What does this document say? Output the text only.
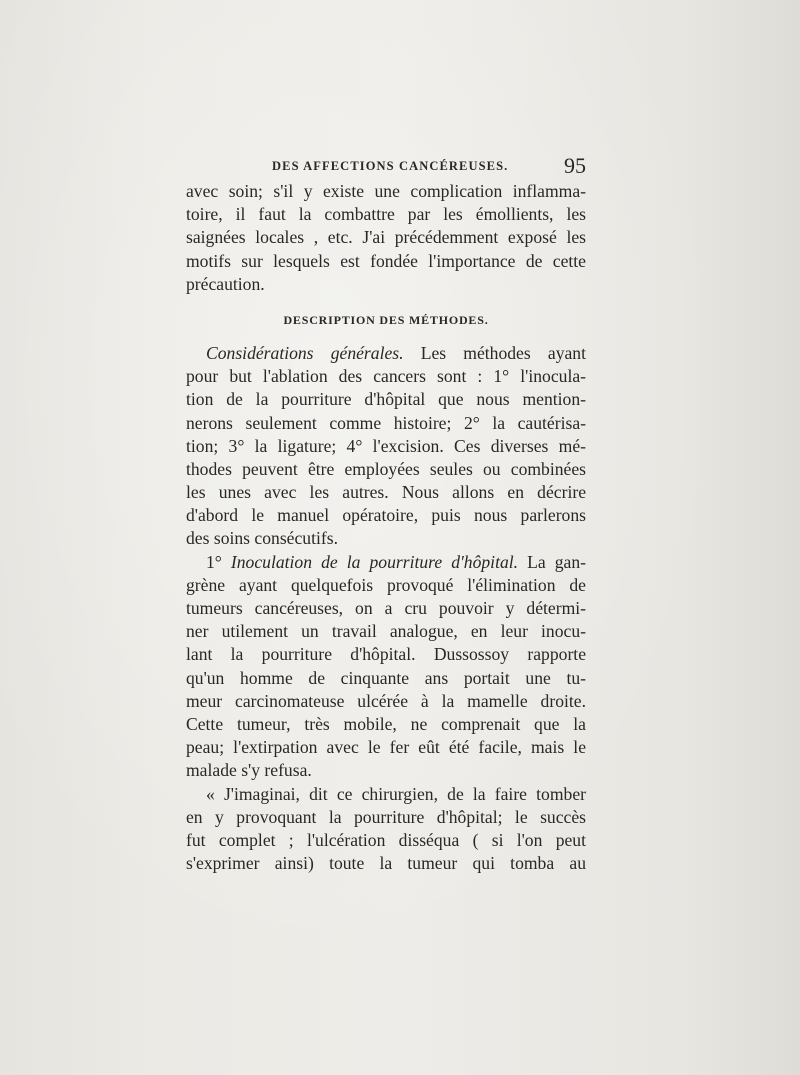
DES AFFECTIONS CANCÉREUSES.	95
avec soin; s'il y existe une complication inflamma-
toire, il faut la combattre par les émollients, les
saignées locales , etc. J'ai précédemment exposé les
motifs sur lesquels est fondée l'importance de cette
précaution.
DESCRIPTION DES MÉTHODES.
Considérations générales. Les méthodes ayant
pour but l'ablation des cancers sont : 1° l'inocula-
tion de la pourriture d'hôpital que nous mention-
nerons seulement comme histoire; 2° la cautérisa-
tion; 3° la ligature; 4° l'excision. Ces diverses mé-
thodes peuvent être employées seules ou combinées
les unes avec les autres. Nous allons en décrire
d'abord le manuel opératoire, puis nous parlerons
des soins consécutifs.
1° Inoculation de la pourriture d'hôpital. La gan-
grène ayant quelquefois provoqué l'élimination de
tumeurs cancéreuses, on a cru pouvoir y détermi-
ner utilement un travail analogue, en leur inocu-
lant la pourriture d'hôpital. Dussossoy rapporte
qu'un homme de cinquante ans portait une tu-
meur carcinomateuse ulcérée à la mamelle droite.
Cette tumeur, très mobile, ne comprenait que la
peau; l'extirpation avec le fer eût été facile, mais le
malade s'y refusa.
« J'imaginai, dit ce chirurgien, de la faire tomber
en y provoquant la pourriture d'hôpital; le succès
fut complet ; l'ulcération disséqua ( si l'on peut
s'exprimer ainsi) toute la tumeur qui tomba au
